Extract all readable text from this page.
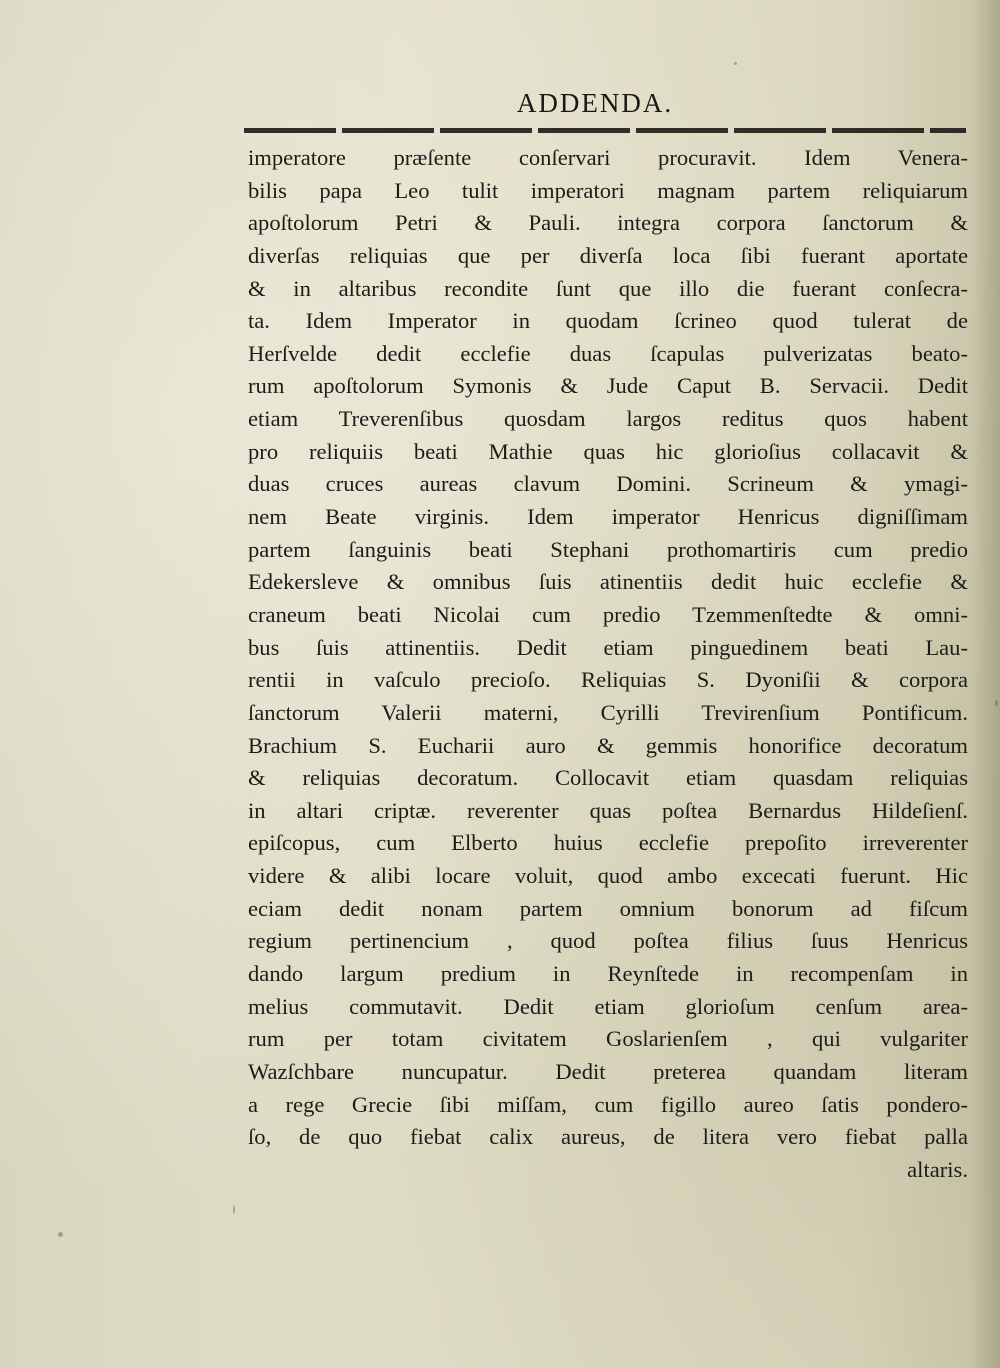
ADDENDA.
imperatore præſente conſervari procuravit. Idem Venera-
bilis papa Leo tulit imperatori magnam partem reliquiarum
apoſtolorum Petri & Pauli. integra corpora ſanctorum &
diverſas reliquias que per diverſa loca ſibi fuerant aportate
& in altaribus recondite ſunt que illo die fuerant conſecra-
ta. Idem Imperator in quodam ſcrineo quod tulerat de
Herſvelde dedit ecclefie duas ſcapulas pulverizatas beato-
rum apoſtolorum Symonis & Jude Caput B. Servacii. Dedit
etiam Treverenſibus quosdam largos reditus quos habent
pro reliquiis beati Mathie quas hic glorioſius collacavit &
duas cruces aureas clavum Domini. Scrineum & ymagi-
nem Beate virginis. Idem imperator Henricus digniſſimam
partem ſanguinis beati Stephani prothomartiris cum predio
Edekersleve & omnibus ſuis atinentiis dedit huic ecclefie &
craneum beati Nicolai cum predio Tzemmenſtedte & omni-
bus ſuis attinentiis. Dedit etiam pinguedinem beati Lau-
rentii in vaſculo precioſo. Reliquias S. Dyoniſii & corpora
ſanctorum Valerii materni, Cyrilli Trevirenſium Pontificum.
Brachium S. Eucharii auro & gemmis honorifice decoratum
& reliquias decoratum. Collocavit etiam quasdam reliquias
in altari criptæ. reverenter quas poſtea Bernardus Hildeſienſ.
epiſcopus, cum Elberto huius ecclefie prepoſito irreverenter
videre & alibi locare voluit, quod ambo excecati fuerunt. Hic
eciam dedit nonam partem omnium bonorum ad fiſcum
regium pertinencium , quod poſtea filius ſuus Henricus
dando largum predium in Reynſtede in recompenſam in
melius commutavit. Dedit etiam glorioſum cenſum area-
rum per totam civitatem Goslarienſem , qui vulgariter
Wazſchbare nuncupatur. Dedit preterea quandam literam
a rege Grecie ſibi miſſam, cum figillo aureo ſatis pondero-
ſo, de quo fiebat calix aureus, de litera vero fiebat palla
altaris.
